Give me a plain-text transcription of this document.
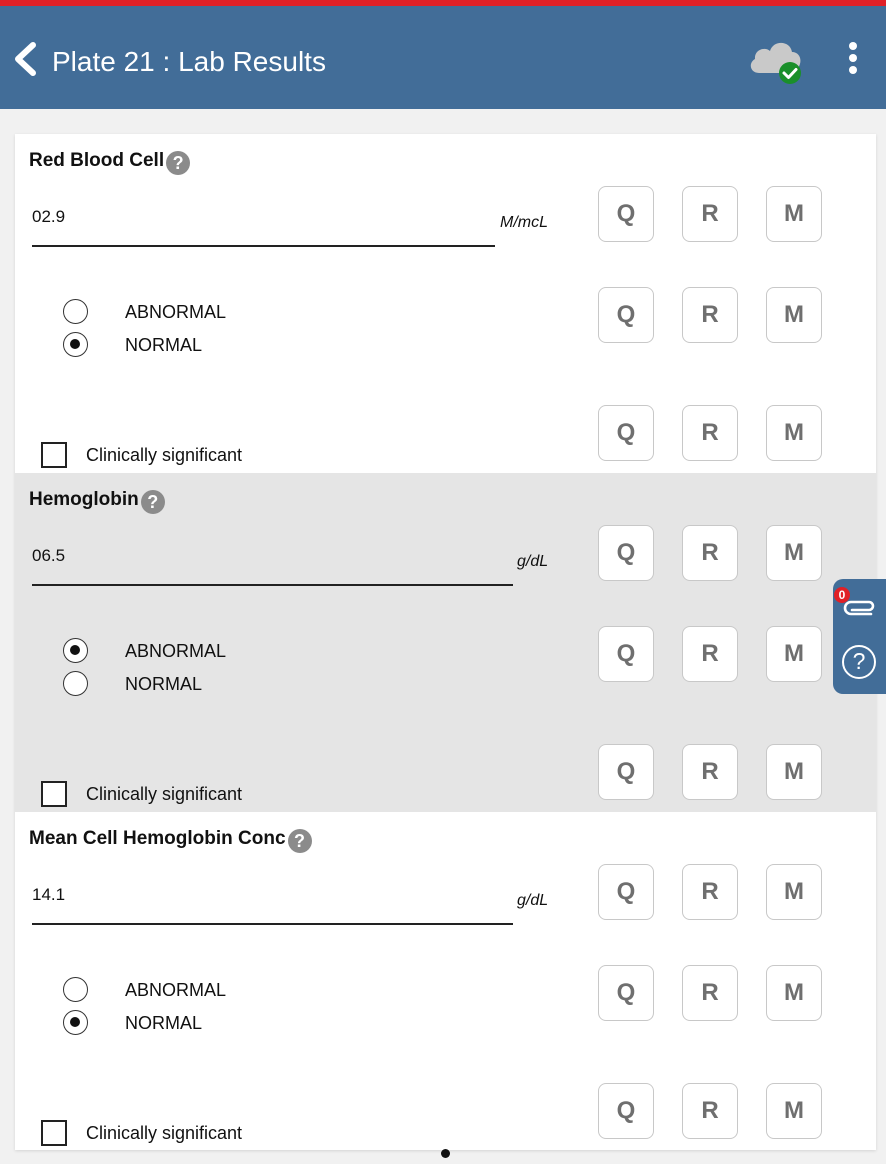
Plate 21 : Lab Results
Red Blood Cell ?
02.9	M/mcL
ABNORMAL
NORMAL
Clinically significant
Q	R	M
Q	R	M
Q	R	M
Hemoglobin ?
06.5	g/dL
ABNORMAL
NORMAL
Clinically significant
Q	R	M
Q	R	M
Q	R	M
Mean Cell Hemoglobin Conc ?
14.1	g/dL
ABNORMAL
NORMAL
Clinically significant
Q	R	M
Q	R	M
Q	R	M
0
?
